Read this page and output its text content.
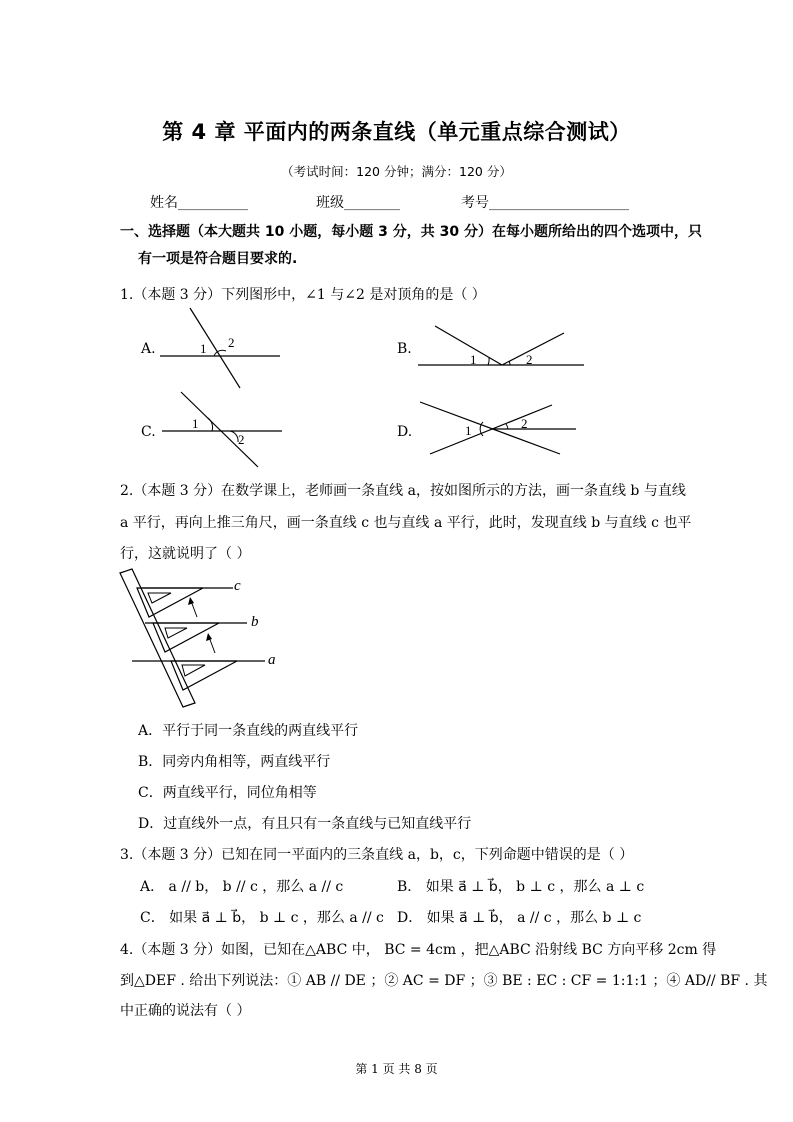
第 4 章 平面内的两条直线（单元重点综合测试）
（考试时间：120 分钟；满分：120 分）
姓名__________	班级________	考号____________________
一、选择题（本大题共 10 小题，每小题 3 分，共 30 分）在每小题所给出的四个选项中，只
有一项是符合题目要求的.
1.（本题 3 分）下列图形中，∠1 与∠2 是对顶角的是（ ）
A.	1 2	B.
1	2
C.
1
2	D.	1	2
2.（本题 3 分）在数学课上，老师画一条直线 a，按如图所示的方法，画一条直线 b 与直线
a 平行，再向上推三角尺，画一条直线 c 也与直线 a 平行，此时，发现直线 b 与直线 c 也平
行，这就说明了（ ）
c
b
a
A．平行于同一条直线的两直线平行
B．同旁内角相等，两直线平行
C．两直线平行，同位角相等
D．过直线外一点，有且只有一条直线与已知直线平行
3.（本题 3 分）已知在同一平面内的三条直线 a，b，c，下列命题中错误的是（ ）
A． a // b， b // c ，那么 a // c	B． 如果 a⃗ ⊥ b⃗， b ⊥ c ，那么 a ⊥ c
C． 如果 a⃗ ⊥ b⃗， b ⊥ c ，那么 a // c D． 如果 a⃗ ⊥ b⃗， a // c ，那么 b ⊥ c
4.（本题 3 分）如图，已知在△ABC 中， BC = 4cm ，把△ABC 沿射线 BC 方向平移 2cm 得
到△DEF . 给出下列说法：① AB // DE ；② AC = DF ；③ BE : EC : CF = 1:1:1 ；④ AD// BF . 其
中正确的说法有（ ）
第 1 页 共 8 页
